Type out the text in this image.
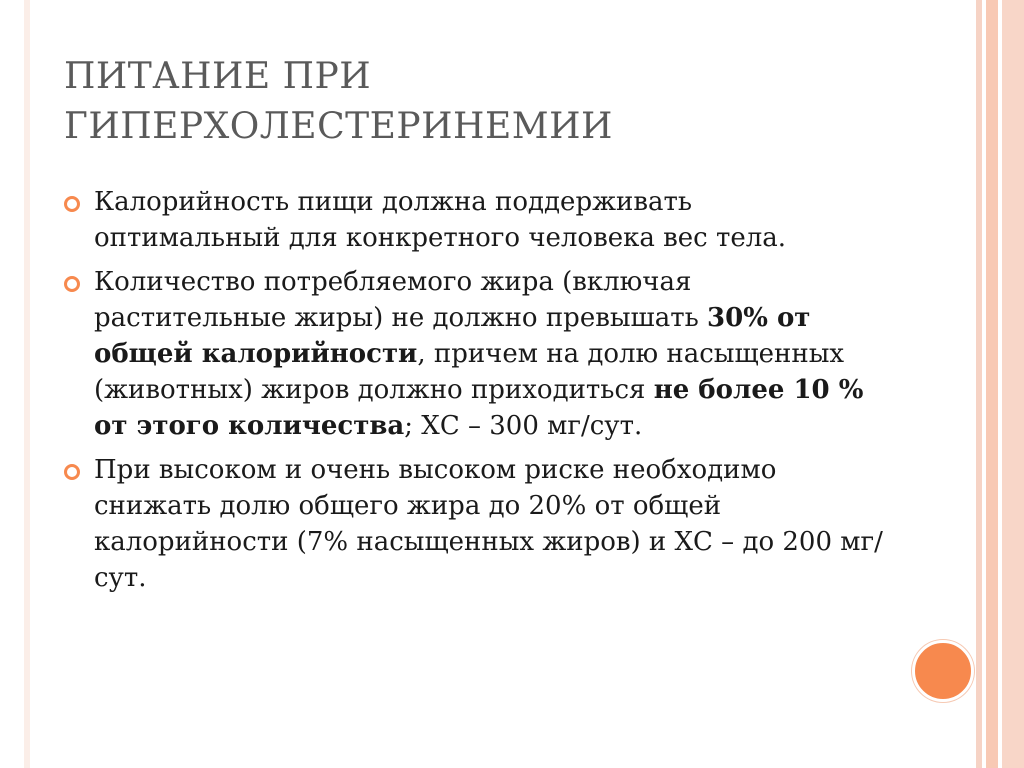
ПИТАНИЕ ПРИ
ГИПЕРХОЛЕСТЕРИНЕМИИ
Калорийность пищи должна поддерживать оптимальный для конкретного человека вес тела.
Количество потребляемого жира (включая растительные жиры) не должно превышать 30% от общей калорийности, причем на долю насыщенных (животных) жиров должно приходиться не более 10 % от этого количества; ХС – 300 мг/сут.
При высоком и очень высоком риске необходимо снижать долю общего жира до 20% от общей калорийности (7% насыщенных жиров) и ХС – до 200 мг/сут.
